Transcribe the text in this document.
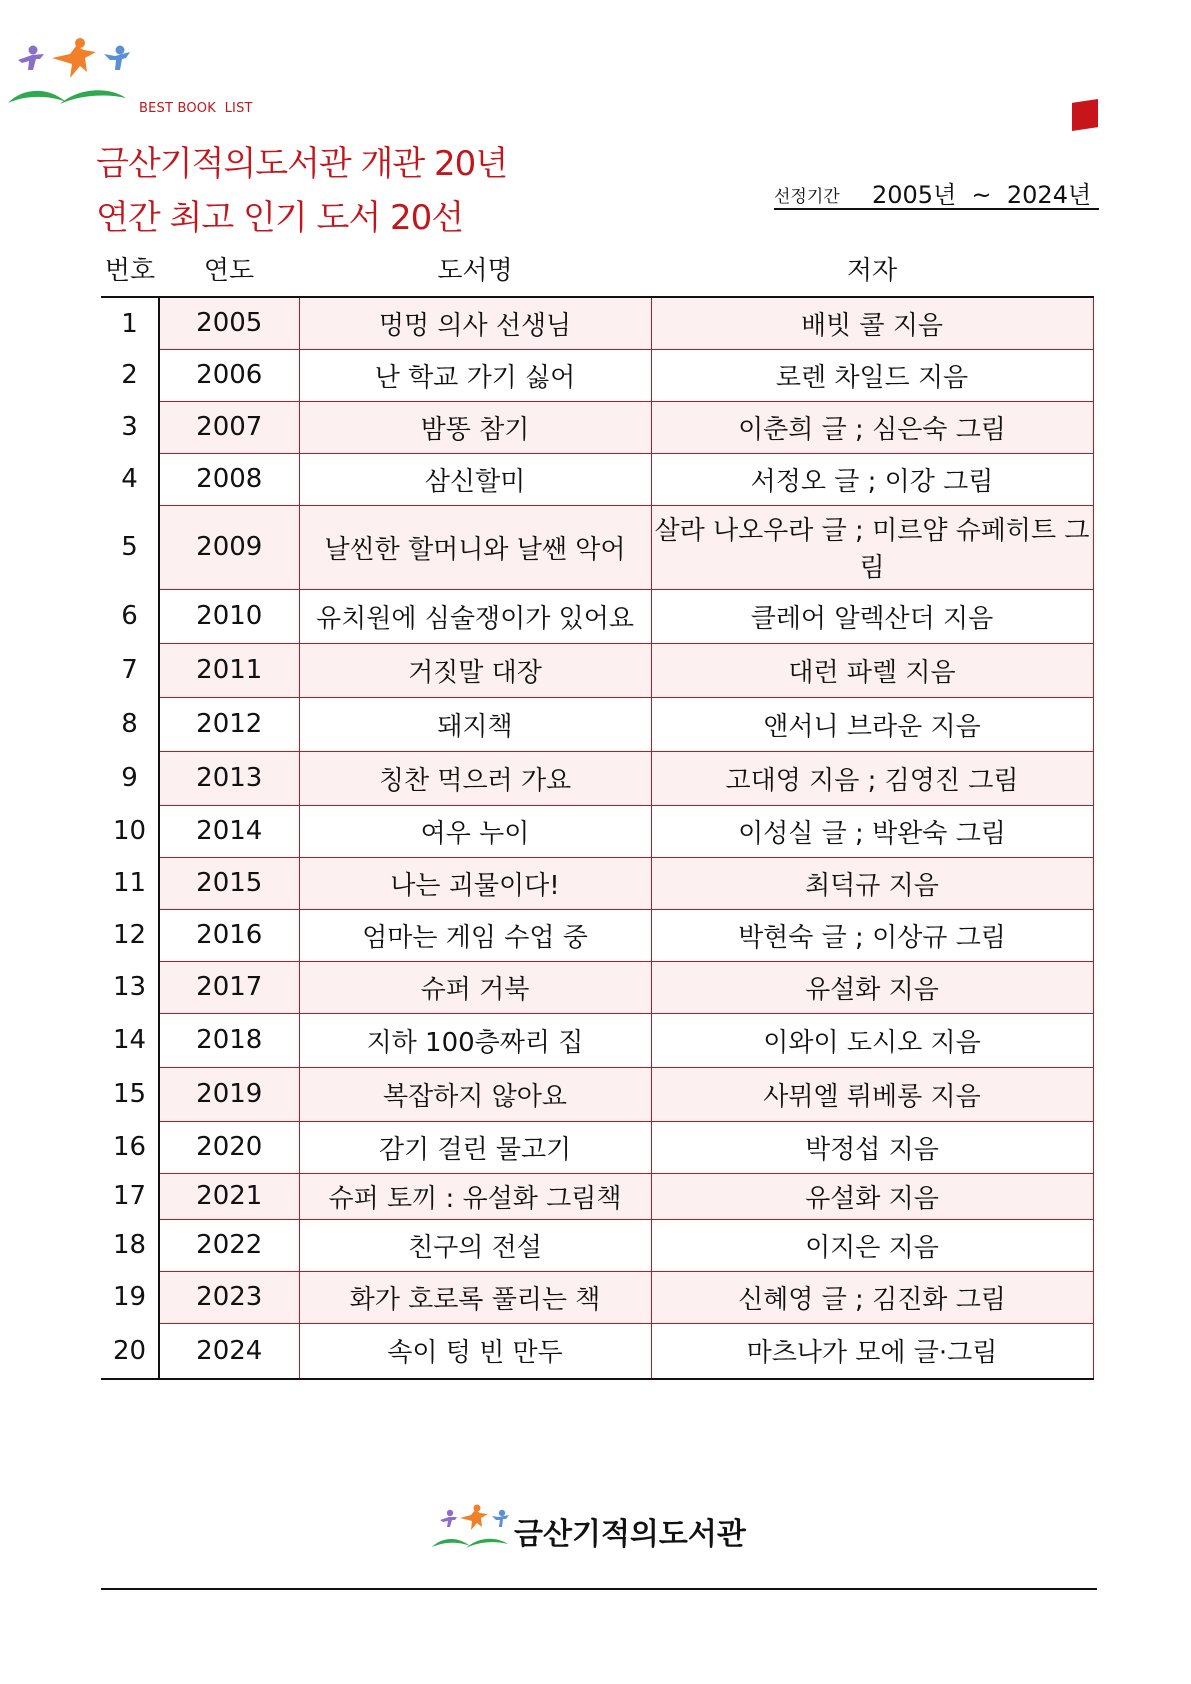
BEST BOOK  LIST
금산기적의도서관 개관 20년
연간 최고 인기 도서 20선
선정기간 2005년  ~  2024년
번호	연도	도서명	저자
1	2005	멍멍 의사 선생님	배빗 콜 지음
2	2006	난 학교 가기 싫어	로렌 차일드 지음
3	2007	밤똥 참기	이춘희 글 ; 심은숙 그림
4	2008	삼신할미	서정오 글 ; 이강 그림
5	2009	날씬한 할머니와 날쌘 악어	살라 나오우라 글 ; 미르얌 슈페히트 그림
6	2010	유치원에 심술쟁이가 있어요	클레어 알렉산더 지음
7	2011	거짓말 대장	대런 파렐 지음
8	2012	돼지책	앤서니 브라운 지음
9	2013	칭찬 먹으러 가요	고대영 지음 ; 김영진 그림
10	2014	여우 누이	이성실 글 ; 박완숙 그림
11	2015	나는 괴물이다!	최덕규 지음
12	2016	엄마는 게임 수업 중	박현숙 글 ; 이상규 그림
13	2017	슈퍼 거북	유설화 지음
14	2018	지하 100층짜리 집	이와이 도시오 지음
15	2019	복잡하지 않아요	사뮈엘 뤼베롱 지음
16	2020	감기 걸린 물고기	박정섭 지음
17	2021	슈퍼 토끼 : 유설화 그림책	유설화 지음
18	2022	친구의 전설	이지은 지음
19	2023	화가 호로록 풀리는 책	신혜영 글 ; 김진화 그림
20	2024	속이 텅 빈 만두	마츠나가 모에 글·그림
금산기적의도서관
